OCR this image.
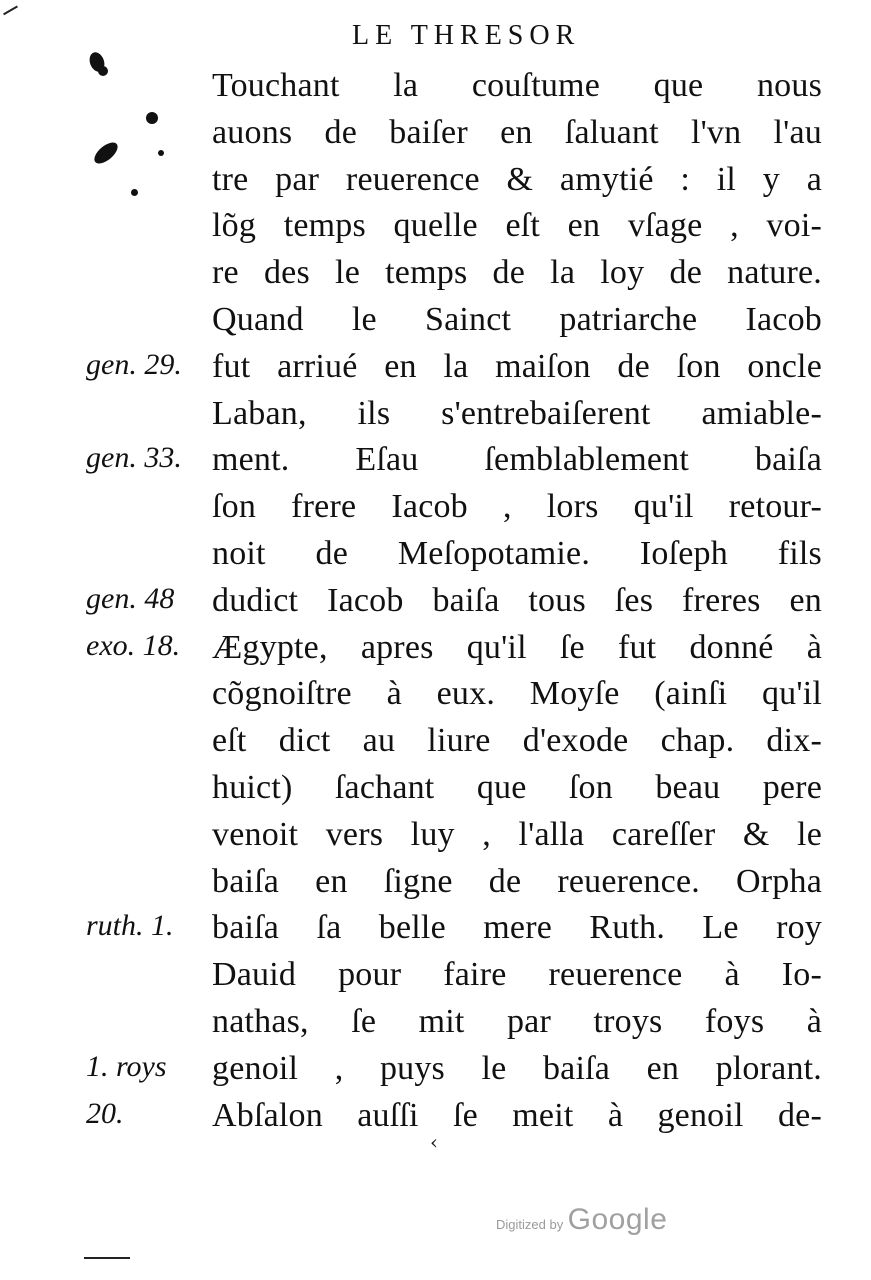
LE THRESOR
Touchant la couſtume que nous
auons de baiſer en ſaluant l'vn l'au
tre par reuerence & amytié : il y a
lõg temps quelle eſt en vſage , voi-
re des le temps de la loy de nature.
Quand le Sainct patriarche Iacob
fut arriué en la maiſon de ſon oncle
Laban, ils s'entrebaiſerent amiable-
ment. Eſau ſemblablement baiſa
ſon frere Iacob , lors qu'il retour-
noit de Meſopotamie. Ioſeph fils
dudict Iacob baiſa tous ſes freres en
Ægypte, apres qu'il ſe fut donné à
cõgnoiſtre à eux. Moyſe (ainſi qu'il
eſt dict au liure d'exode chap. dix-
huict) ſachant que ſon beau pere
venoit vers luy , l'alla careſſer & le
baiſa en ſigne de reuerence. Orpha
baiſa ſa belle mere Ruth. Le roy
Dauid pour faire reuerence à Io-
nathas, ſe mit par troys foys à
genoil , puys le baiſa en plorant.
Abſalon auſſi ſe meit à genoil de-
gen. 29.
gen. 33.
gen. 48
exo. 18.
ruth. 1.
1. roys
20.
‹
Digitized by Google
